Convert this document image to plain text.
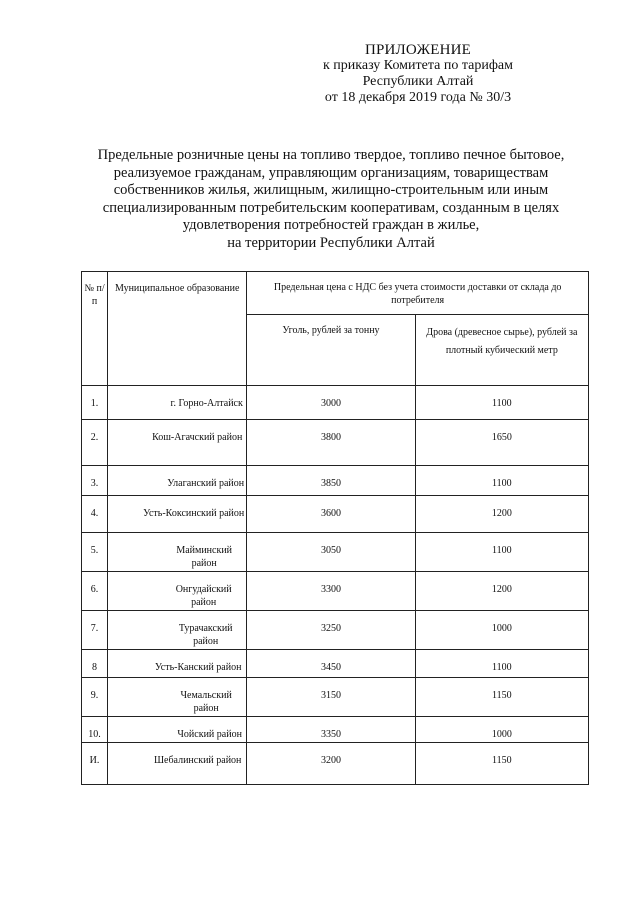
ПРИЛОЖЕНИЕ
к приказу Комитета по тарифам
Республики Алтай
от 18 декабря 2019 года № 30/3
Предельные розничные цены на топливо твердое, топливо печное бытовое,
реализуемое гражданам, управляющим организациям, товариществам
собственников жилья, жилищным, жилищно-строительным или иным
специализированным потребительским кооперативам, созданным в целях
удовлетворения потребностей граждан в жилье,
на территории Республики Алтай
№ п/п	Муниципальное образование	Предельная цена с НДС без учета стоимости доставки от склада до потребителя	
		Уголь, рублей за тонну	Дрова (древесное сырье), рублей за плотный кубический метр
1.	г. Горно-Алтайск	3000	1100
2.	Кош-Агачский район	3800	1650
3.	Улаганский район	3850	1100
4.	Усть-Коксинский район	3600	1200
5.	Майминский район	3050	1100
6.	Онгудайский район	3300	1200
7.	Турачакский район	3250	1000
8	Усть-Канский район	3450	1100
9.	Чемальский район	3150	1150
10.	Чойский район	3350	1000
И.	Шебалинский район	3200	1150
